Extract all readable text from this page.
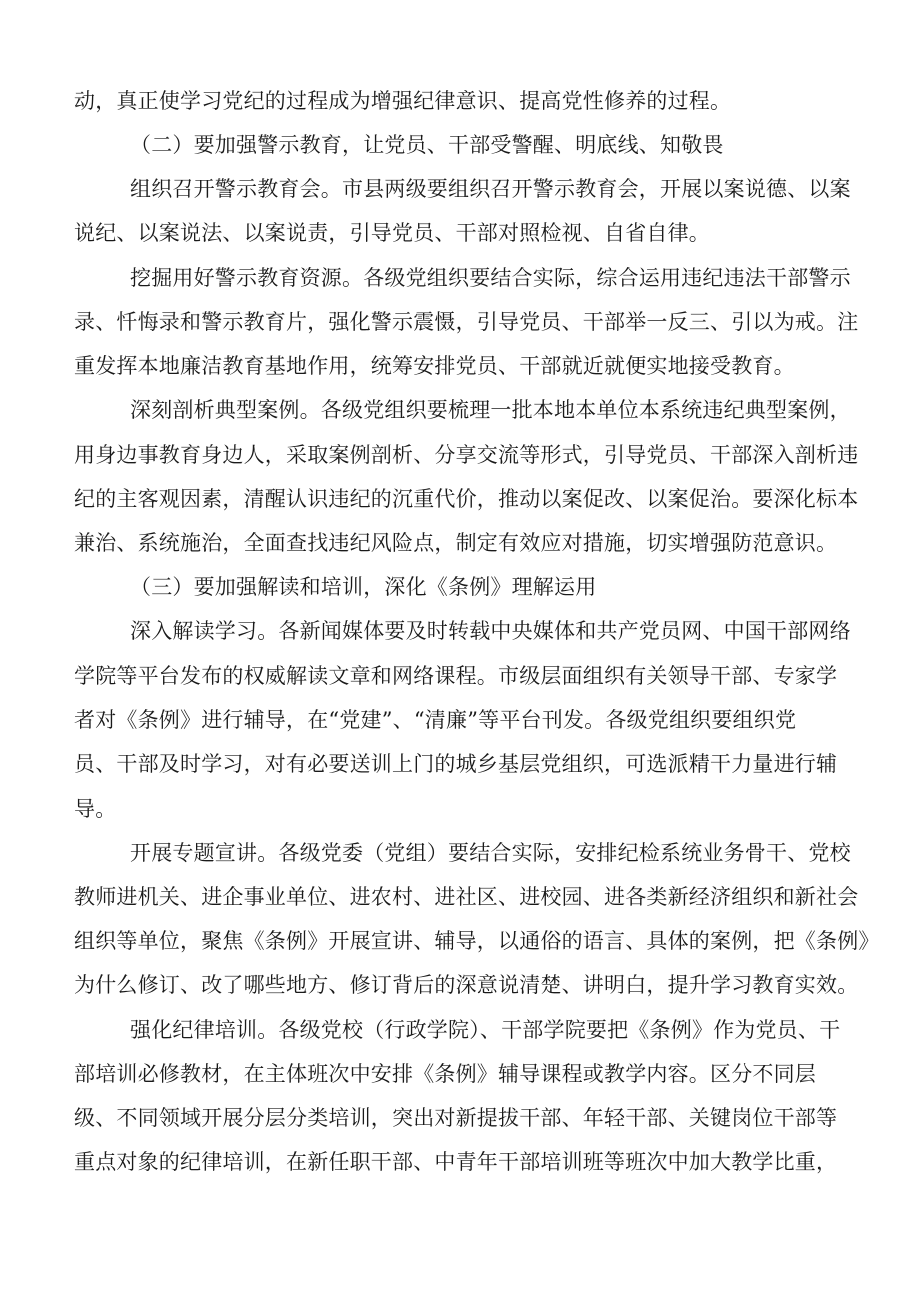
动，真正使学习党纪的过程成为增强纪律意识、提高党性修养的过程。
（二）要加强警示教育，让党员、干部受警醒、明底线、知敬畏
组织召开警示教育会。市县两级要组织召开警示教育会，开展以案说德、以案
说纪、以案说法、以案说责，引导党员、干部对照检视、自省自律。
挖掘用好警示教育资源。各级党组织要结合实际，综合运用违纪违法干部警示
录、忏悔录和警示教育片，强化警示震慑，引导党员、干部举一反三、引以为戒。注
重发挥本地廉洁教育基地作用，统筹安排党员、干部就近就便实地接受教育。
深刻剖析典型案例。各级党组织要梳理一批本地本单位本系统违纪典型案例，
用身边事教育身边人，采取案例剖析、分享交流等形式，引导党员、干部深入剖析违
纪的主客观因素，清醒认识违纪的沉重代价，推动以案促改、以案促治。要深化标本
兼治、系统施治，全面查找违纪风险点，制定有效应对措施，切实增强防范意识。
（三）要加强解读和培训，深化《条例》理解运用
深入解读学习。各新闻媒体要及时转载中央媒体和共产党员网、中国干部网络
学院等平台发布的权威解读文章和网络课程。市级层面组织有关领导干部、专家学
者对《条例》进行辅导，在“党建”、“清廉”等平台刊发。各级党组织要组织党
员、干部及时学习，对有必要送训上门的城乡基层党组织，可选派精干力量进行辅
导。
开展专题宣讲。各级党委（党组）要结合实际，安排纪检系统业务骨干、党校
教师进机关、进企事业单位、进农村、进社区、进校园、进各类新经济组织和新社会
组织等单位，聚焦《条例》开展宣讲、辅导，以通俗的语言、具体的案例，把《条例》
为什么修订、改了哪些地方、修订背后的深意说清楚、讲明白，提升学习教育实效。
强化纪律培训。各级党校（行政学院）、干部学院要把《条例》作为党员、干
部培训必修教材，在主体班次中安排《条例》辅导课程或教学内容。区分不同层
级、不同领域开展分层分类培训，突出对新提拔干部、年轻干部、关键岗位干部等
重点对象的纪律培训，在新任职干部、中青年干部培训班等班次中加大教学比重，
